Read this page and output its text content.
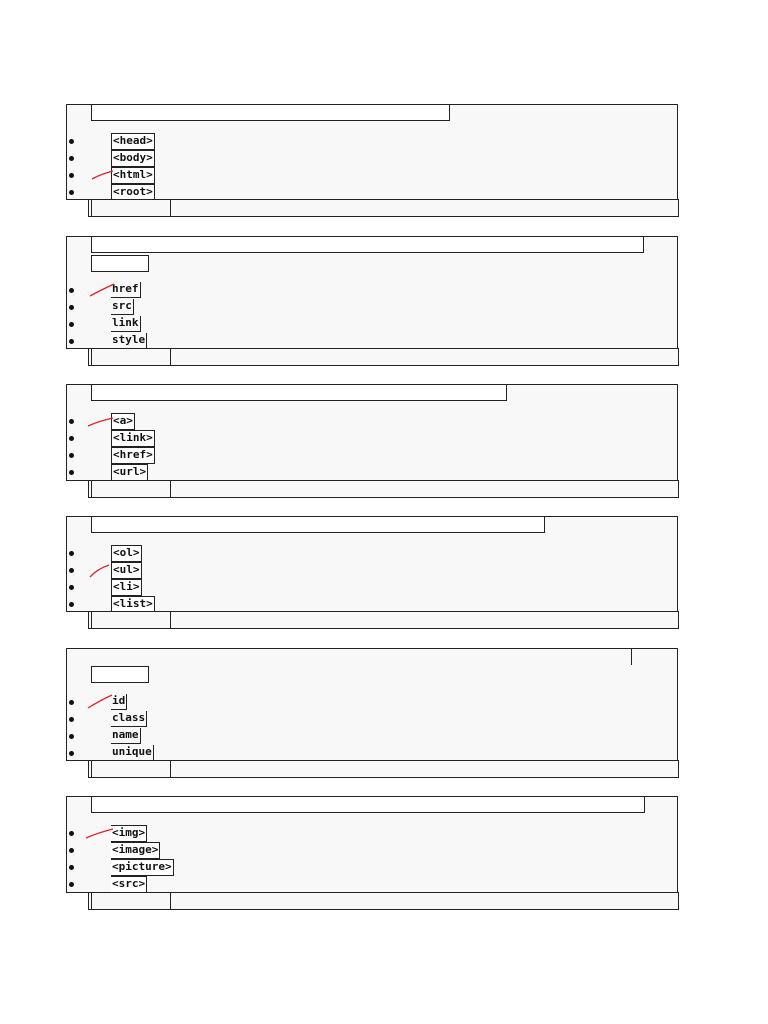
<head>
<body>
<html>
<root>
href
src
link
style
<a>
<link>
<href>
<url>
<ol>
<ul>
<li>
<list>
id
class
name
unique
<img>
<image>
<picture>
<src>
